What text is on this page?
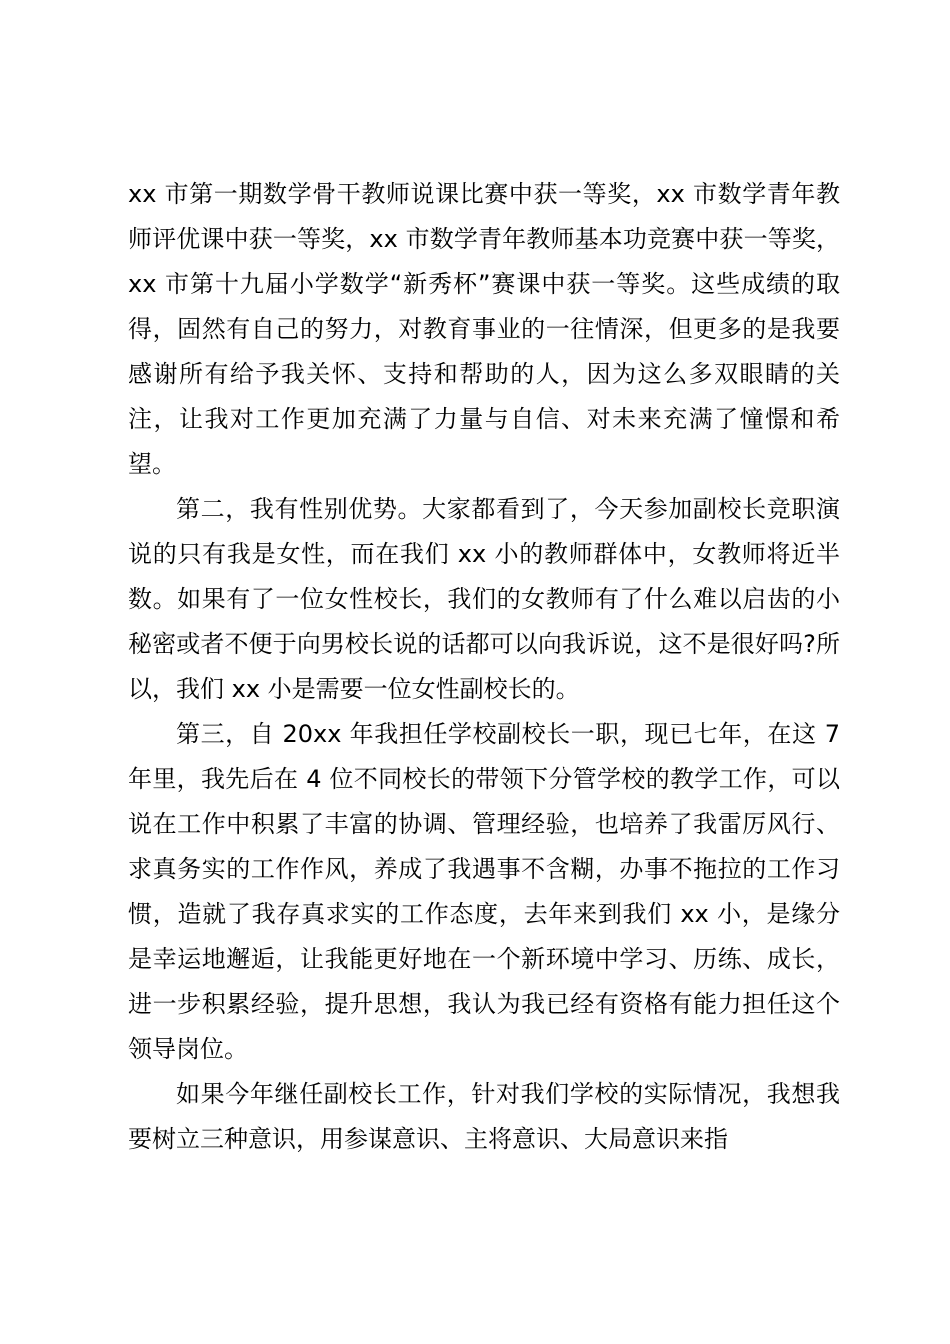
xx 市第一期数学骨干教师说课比赛中获一等奖，xx 市数学青年教师评优课中获一等奖，xx 市数学青年教师基本功竞赛中获一等奖，xx 市第十九届小学数学“新秀杯”赛课中获一等奖。这些成绩的取得，固然有自己的努力，对教育事业的一往情深，但更多的是我要感谢所有给予我关怀、支持和帮助的人，因为这么多双眼睛的关注，让我对工作更加充满了力量与自信、对未来充满了憧憬和希望。

第二，我有性别优势。大家都看到了，今天参加副校长竞职演说的只有我是女性，而在我们 xx 小的教师群体中，女教师将近半数。如果有了一位女性校长，我们的女教师有了什么难以启齿的小秘密或者不便于向男校长说的话都可以向我诉说，这不是很好吗?所以，我们 xx 小是需要一位女性副校长的。

第三，自 20xx 年我担任学校副校长一职，现已七年，在这 7 年里，我先后在 4 位不同校长的带领下分管学校的教学工作，可以说在工作中积累了丰富的协调、管理经验，也培养了我雷厉风行、求真务实的工作作风，养成了我遇事不含糊，办事不拖拉的工作习惯，造就了我存真求实的工作态度，去年来到我们 xx 小，是缘分是幸运地邂逅，让我能更好地在一个新环境中学习、历练、成长，进一步积累经验，提升思想，我认为我已经有资格有能力担任这个领导岗位。

如果今年继任副校长工作，针对我们学校的实际情况，我想我要树立三种意识，用参谋意识、主将意识、大局意识来指
